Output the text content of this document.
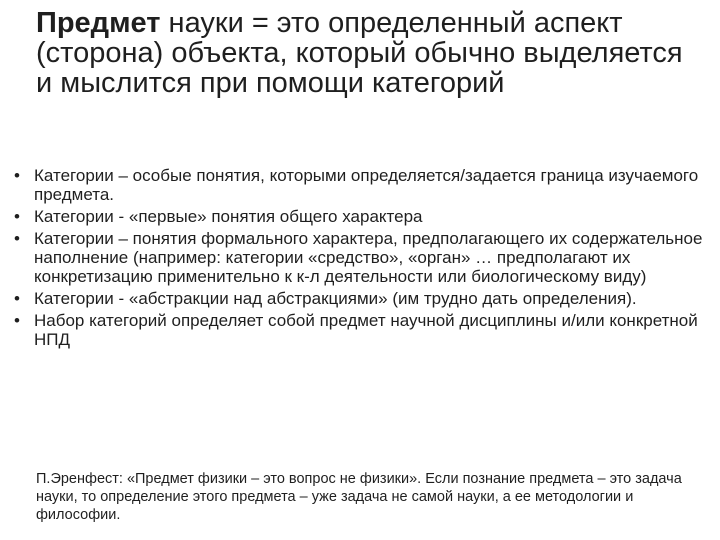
Предмет науки = это определенный аспект (сторона) объекта, который обычно выделяется и мыслится при помощи категорий
• Категории – особые понятия, которыми определяется/задается граница изучаемого предмета.
• Категории - «первые» понятия общего характера
• Категории – понятия формального характера, предполагающего их содержательное наполнение (например: категории «средство», «орган» … предполагают их конкретизацию применительно к к-л деятельности или биологическому виду)
• Категории - «абстракции над абстракциями» (им трудно дать определения).
• Набор категорий определяет собой предмет научной дисциплины и/или конкретной НПД
П.Эренфест: «Предмет физики – это вопрос не физики». Если познание предмета – это задача науки, то определение этого предмета – уже задача не самой науки, а ее методологии и философии.
